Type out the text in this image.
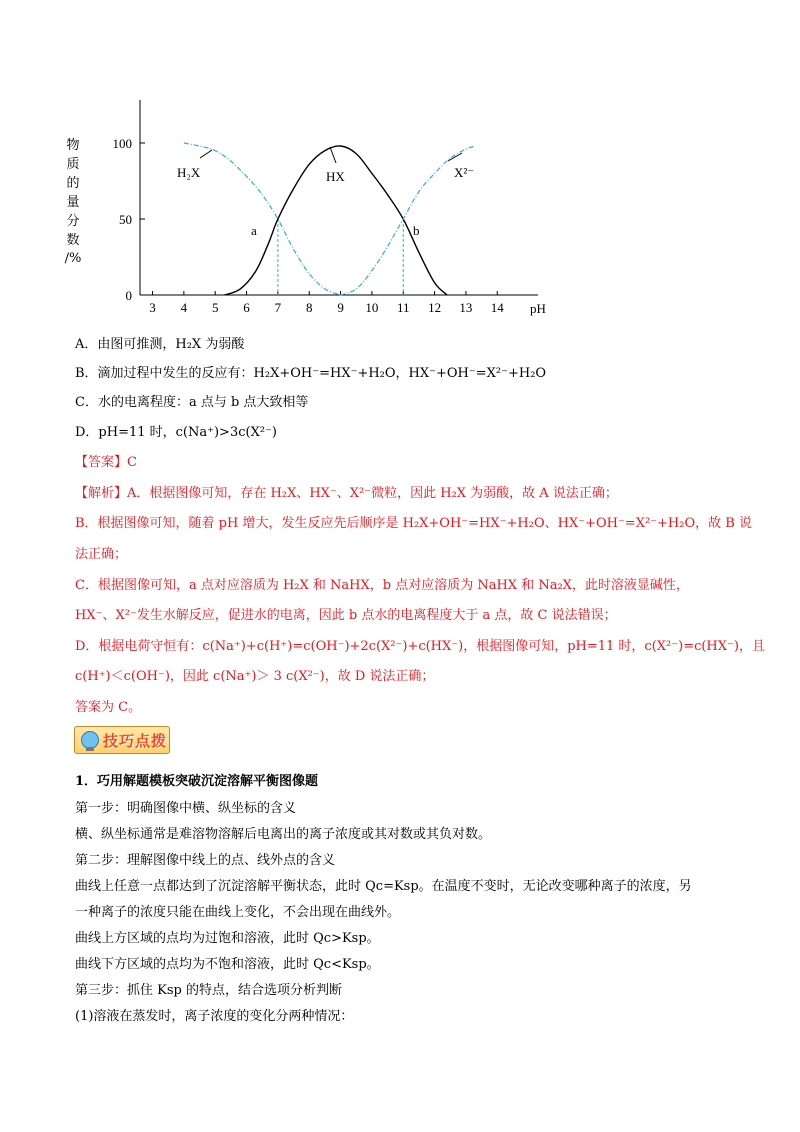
物
质
的
量
分
数
/%
0
50
100
3 4 5 6 7 8 9 10 11 12 13 14 pH
H₂X	HX	X²⁻
a	b
A．由图可推测，H₂X 为弱酸
B．滴加过程中发生的反应有：H₂X+OH⁻=HX⁻+H₂O，HX⁻+OH⁻=X²⁻+H₂O
C．水的电离程度：a 点与 b 点大致相等
D．pH=11 时，c(Na⁺)>3c(X²⁻)
【答案】C
【解析】A．根据图像可知，存在 H₂X、HX⁻、X²⁻微粒，因此 H₂X 为弱酸，故 A 说法正确；
B．根据图像可知，随着 pH 增大，发生反应先后顺序是 H₂X+OH⁻=HX⁻+H₂O、HX⁻+OH⁻=X²⁻+H₂O，故 B 说
法正确；
C．根据图像可知，a 点对应溶质为 H₂X 和 NaHX，b 点对应溶质为 NaHX 和 Na₂X，此时溶液显碱性，
HX⁻、X²⁻发生水解反应，促进水的电离，因此 b 点水的电离程度大于 a 点，故 C 说法错误；
D．根据电荷守恒有：c(Na⁺)+c(H⁺)=c(OH⁻)+2c(X²⁻)+c(HX⁻)，根据图像可知，pH=11 时，c(X²⁻)=c(HX⁻)，且
c(H⁺)＜c(OH⁻)，因此 c(Na⁺)＞ 3 c(X²⁻)，故 D 说法正确；
答案为 C。
技巧点拨
1．巧用解题模板突破沉淀溶解平衡图像题
第一步：明确图像中横、纵坐标的含义
横、纵坐标通常是难溶物溶解后电离出的离子浓度或其对数或其负对数。
第二步：理解图像中线上的点、线外点的含义
曲线上任意一点都达到了沉淀溶解平衡状态，此时 Qc=Ksp。在温度不变时，无论改变哪种离子的浓度，另
一种离子的浓度只能在曲线上变化，不会出现在曲线外。
曲线上方区域的点均为过饱和溶液，此时 Qc>Ksp。
曲线下方区域的点均为不饱和溶液，此时 Qc<Ksp。
第三步：抓住 Ksp 的特点，结合选项分析判断
(1)溶液在蒸发时，离子浓度的变化分两种情况：
